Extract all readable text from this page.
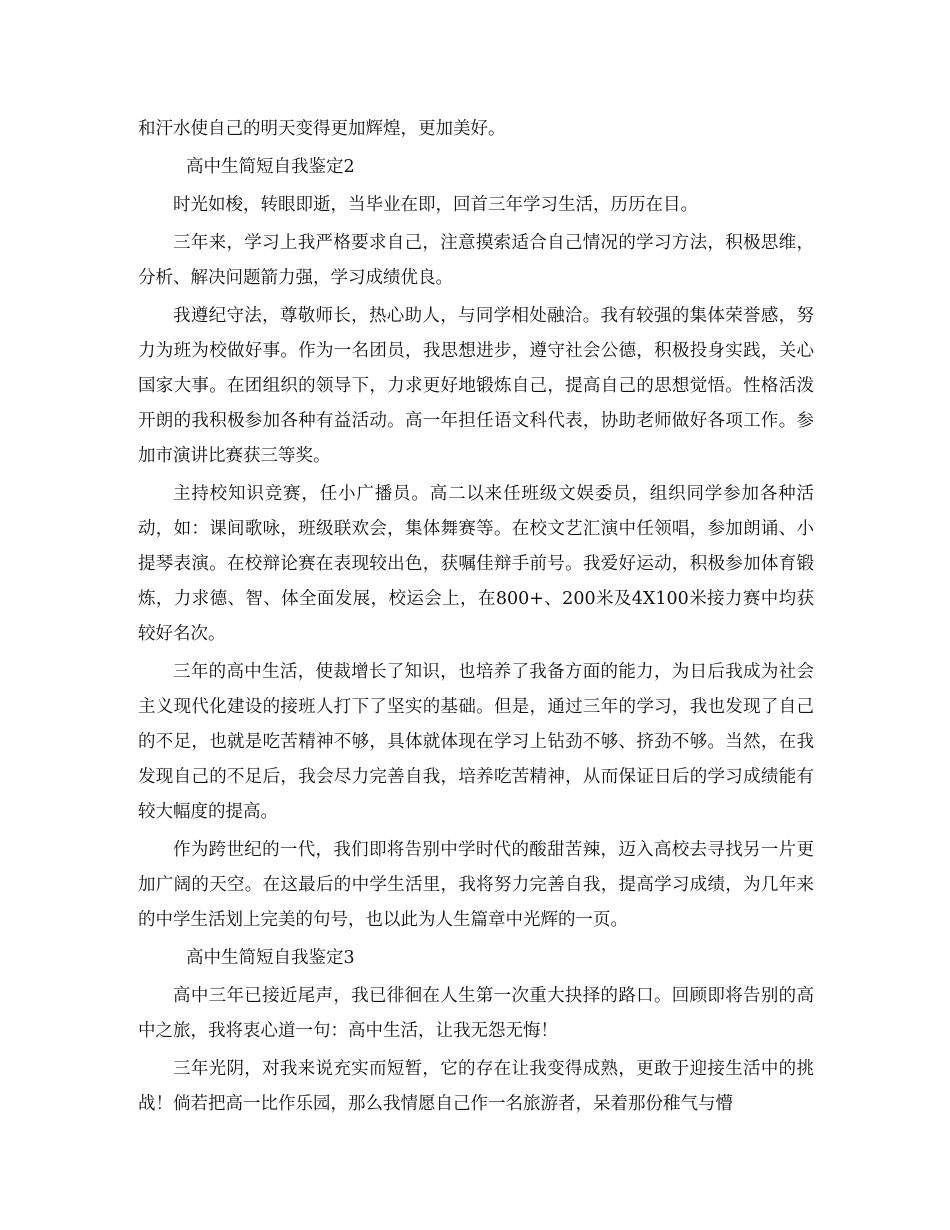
和汗水使自己的明天变得更加辉煌，更加美好。

高中生简短自我鉴定2

时光如梭，转眼即逝，当毕业在即，回首三年学习生活，历历在目。

三年来，学习上我严格要求自己，注意摸索适合自己情况的学习方法，积极思维，分析、解决问题箭力强，学习成绩优良。

我遵纪守法，尊敬师长，热心助人，与同学相处融洽。我有较强的集体荣誉感，努力为班为校做好事。作为一名团员，我思想进步，遵守社会公德，积极投身实践，关心国家大事。在团组织的领导下，力求更好地锻炼自己，提高自己的思想觉悟。性格活泼开朗的我积极参加各种有益活动。高一年担任语文科代表，协助老师做好各项工作。参加市演讲比赛获三等奖。

主持校知识竞赛，任小广播员。高二以来任班级文娱委员，组织同学参加各种活动，如：课间歌咏，班级联欢会，集体舞赛等。在校文艺汇演中任领唱，参加朗诵、小提琴表演。在校辩论赛在表现较出色，获嘱佳辩手前号。我爱好运动，积极参加体育锻炼，力求德、智、体全面发展，校运会上，在800+、200米及4X100米接力赛中均获较好名次。

三年的高中生活，使裁增长了知识，也培养了我备方面的能力，为日后我成为社会主义现代化建设的接班人打下了坚实的基础。但是，通过三年的学习，我也发现了自己的不足，也就是吃苦精神不够，具体就体现在学习上钻劲不够、挤劲不够。当然，在我发现自己的不足后，我会尽力完善自我，培养吃苦精神，从而保证日后的学习成绩能有较大幅度的提高。

作为跨世纪的一代，我们即将告别中学时代的酸甜苦辣，迈入高校去寻找另一片更加广阔的天空。在这最后的中学生活里，我将努力完善自我，提高学习成绩，为几年来的中学生活划上完美的句号，也以此为人生篇章中光辉的一页。

高中生简短自我鉴定3

高中三年已接近尾声，我已徘徊在人生第一次重大抉择的路口。回顾即将告别的高中之旅，我将衷心道一句：高中生活，让我无怨无悔！

三年光阴，对我来说充实而短暂，它的存在让我变得成熟，更敢于迎接生活中的挑战！倘若把高一比作乐园，那么我情愿自己作一名旅游者，呆着那份稚气与懵
